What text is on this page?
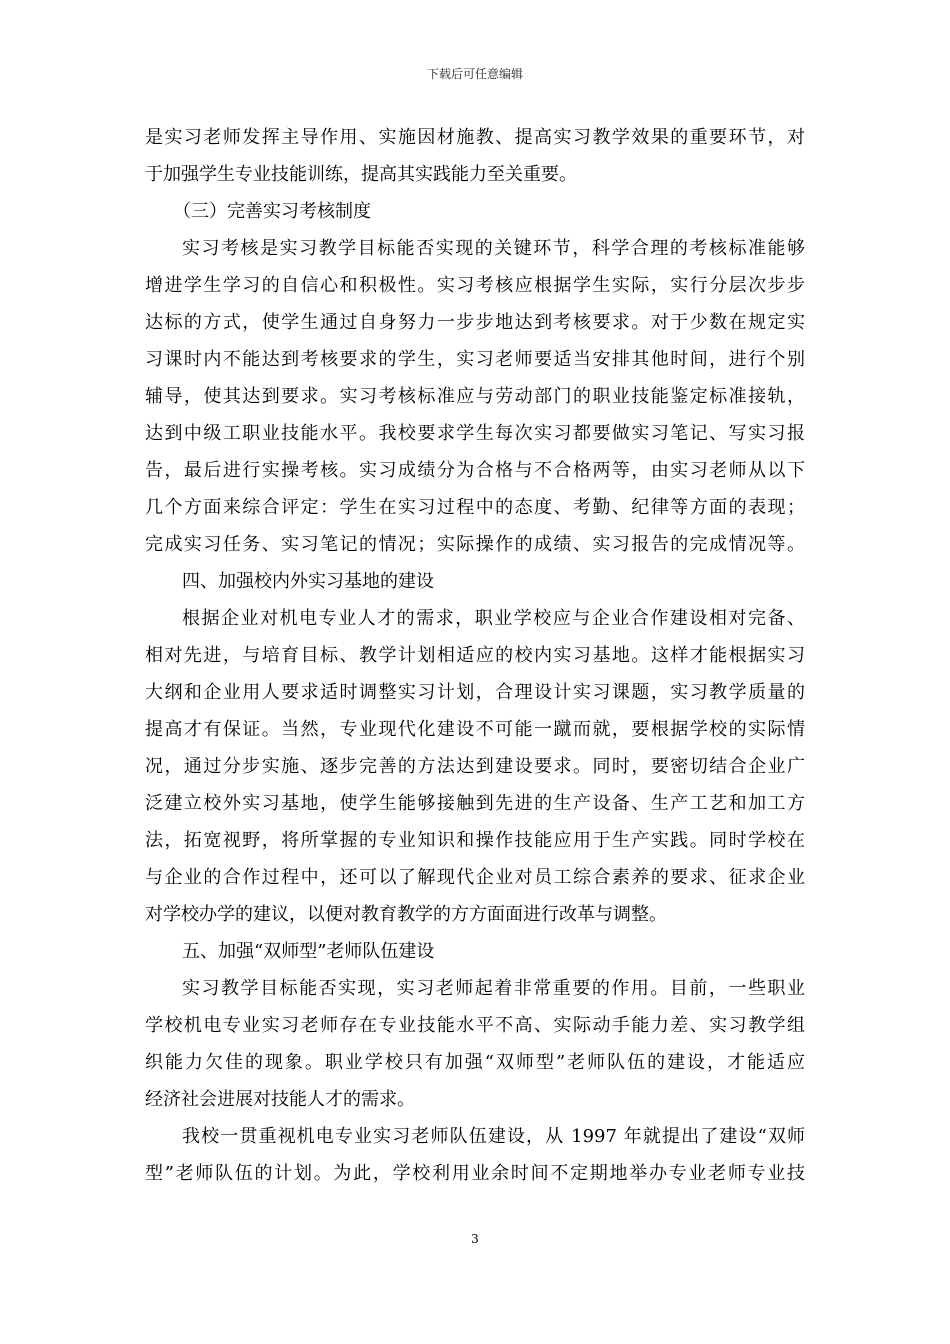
下载后可任意编辑
是实习老师发挥主导作用、实施因材施教、提高实习教学效果的重要环节，对
于加强学生专业技能训练，提高其实践能力至关重要。
（三）完善实习考核制度
实习考核是实习教学目标能否实现的关键环节，科学合理的考核标准能够
增进学生学习的自信心和积极性。实习考核应根据学生实际，实行分层次步步
达标的方式，使学生通过自身努力一步步地达到考核要求。对于少数在规定实
习课时内不能达到考核要求的学生，实习老师要适当安排其他时间，进行个别
辅导，使其达到要求。实习考核标准应与劳动部门的职业技能鉴定标准接轨，
达到中级工职业技能水平。我校要求学生每次实习都要做实习笔记、写实习报
告，最后进行实操考核。实习成绩分为合格与不合格两等，由实习老师从以下
几个方面来综合评定：学生在实习过程中的态度、考勤、纪律等方面的表现；
完成实习任务、实习笔记的情况；实际操作的成绩、实习报告的完成情况等。
四、加强校内外实习基地的建设
根据企业对机电专业人才的需求，职业学校应与企业合作建设相对完备、
相对先进，与培育目标、教学计划相适应的校内实习基地。这样才能根据实习
大纲和企业用人要求适时调整实习计划，合理设计实习课题，实习教学质量的
提高才有保证。当然，专业现代化建设不可能一蹴而就，要根据学校的实际情
况，通过分步实施、逐步完善的方法达到建设要求。同时，要密切结合企业广
泛建立校外实习基地，使学生能够接触到先进的生产设备、生产工艺和加工方
法，拓宽视野，将所掌握的专业知识和操作技能应用于生产实践。同时学校在
与企业的合作过程中，还可以了解现代企业对员工综合素养的要求、征求企业
对学校办学的建议，以便对教育教学的方方面面进行改革与调整。
五、加强“双师型”老师队伍建设
实习教学目标能否实现，实习老师起着非常重要的作用。目前，一些职业
学校机电专业实习老师存在专业技能水平不高、实际动手能力差、实习教学组
织能力欠佳的现象。职业学校只有加强“双师型”老师队伍的建设，才能适应
经济社会进展对技能人才的需求。
我校一贯重视机电专业实习老师队伍建设，从 1997 年就提出了建设“双师
型”老师队伍的计划。为此，学校利用业余时间不定期地举办专业老师专业技
3
